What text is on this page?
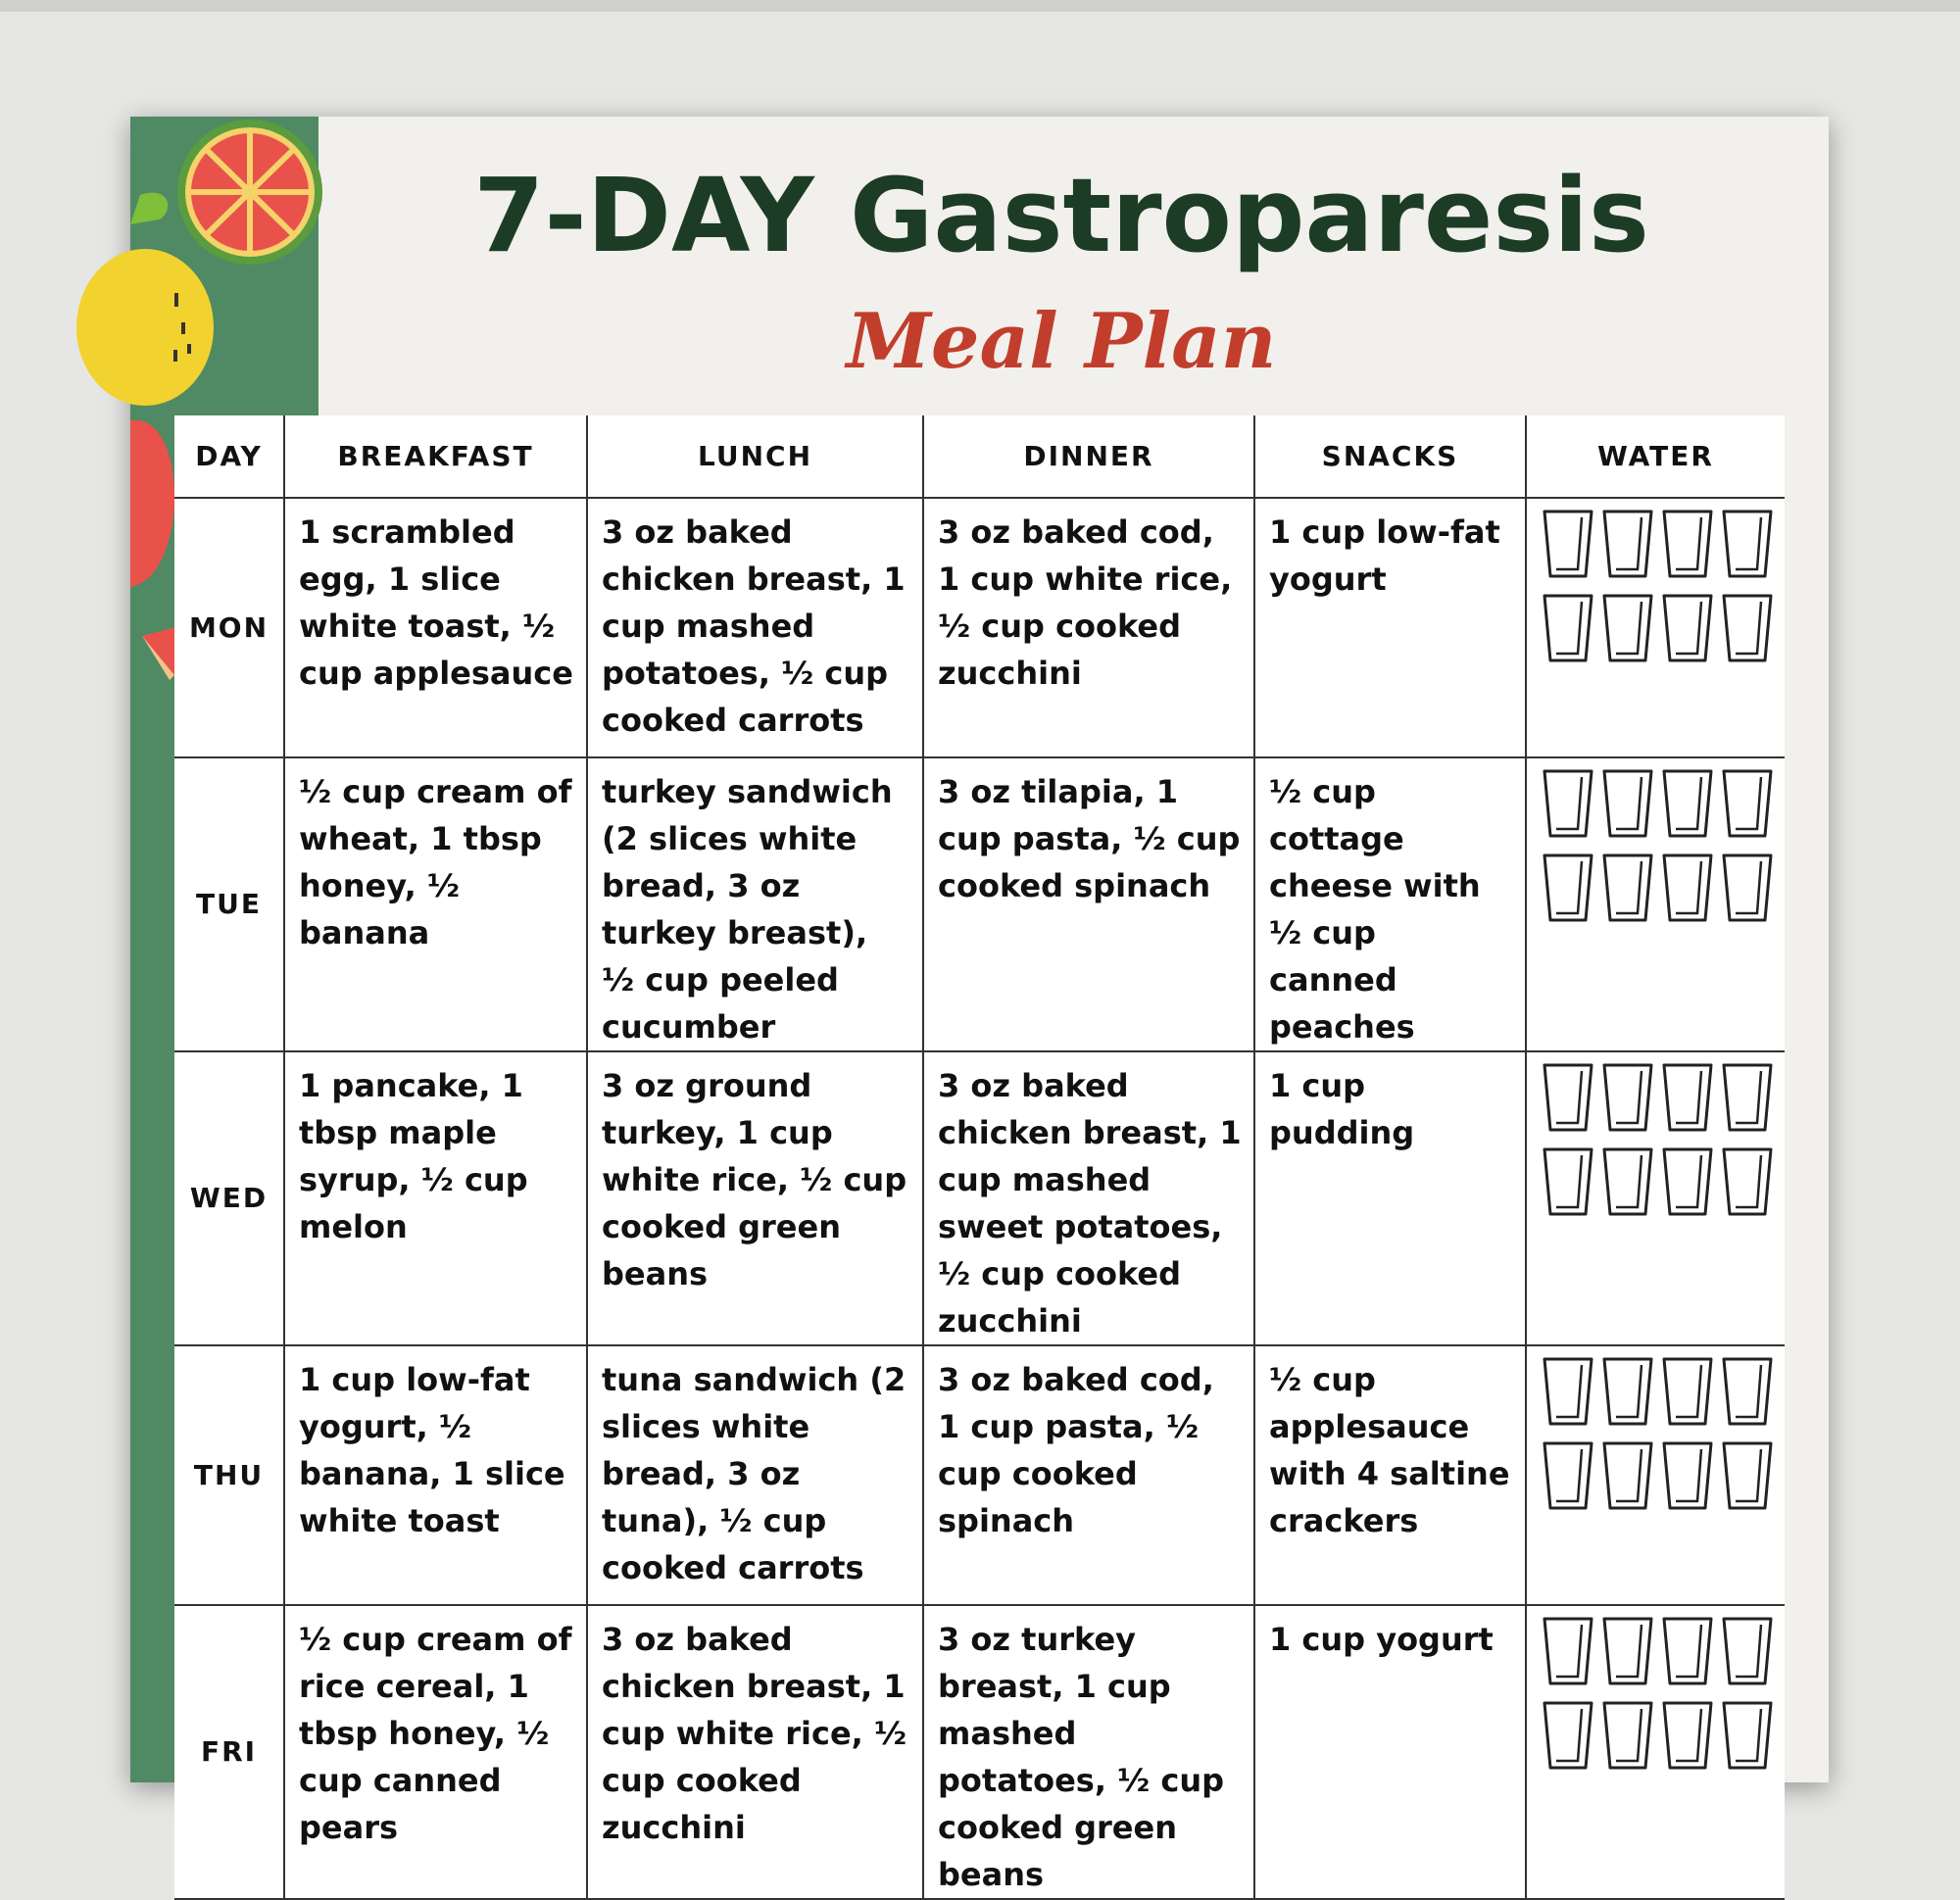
7-DAY Gastroparesis
Meal Plan
DAY	BREAKFAST	LUNCH	DINNER	SNACKS	WATER
MON	1 scrambled egg, 1 slice white toast, ½ cup applesauce	3 oz baked chicken breast, 1 cup mashed potatoes, ½ cup cooked carrots	3 oz baked cod, 1 cup white rice, ½ cup cooked zucchini	1 cup low-fat yogurt	

TUE	½ cup cream of wheat, 1 tbsp honey, ½ banana	turkey sandwich (2 slices white bread, 3 oz turkey breast), ½ cup peeled cucumber	3 oz tilapia, 1 cup pasta, ½ cup cooked spinach	½ cup cottage cheese with ½ cup canned peaches	

WED	1 pancake, 1 tbsp maple syrup, ½ cup melon	3 oz ground turkey, 1 cup white rice, ½ cup cooked green beans	3 oz baked chicken breast, 1 cup mashed sweet potatoes, ½ cup cooked zucchini	1 cup pudding	

THU	1 cup low-fat yogurt, ½ banana, 1 slice white toast	tuna sandwich (2 slices white bread, 3 oz tuna), ½ cup cooked carrots	3 oz baked cod, 1 cup pasta, ½ cup cooked spinach	½ cup applesauce with 4 saltine crackers	

FRI	½ cup cream of rice cereal, 1 tbsp honey, ½ cup canned pears	3 oz baked chicken breast, 1 cup white rice, ½ cup cooked zucchini	3 oz turkey breast, 1 cup mashed potatoes, ½ cup cooked green beans	1 cup yogurt	
